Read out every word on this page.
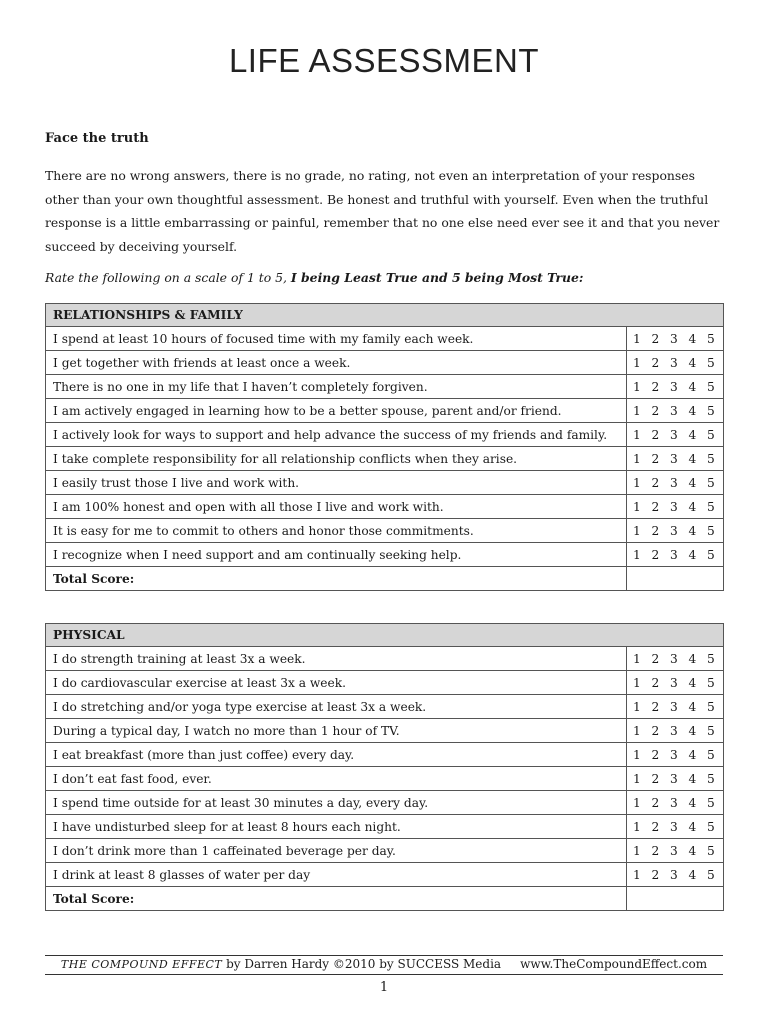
LIFE ASSESSMENT
Face the truth

There are no wrong answers, there is no grade, no rating, not even an interpretation of your responses other than your own thoughtful assessment. Be honest and truthful with yourself. Even when the truthful response is a little embarrassing or painful, remember that no one else need ever see it and that you never succeed by deceiving yourself.

Rate the following on a scale of 1 to 5, I being Least True and 5 being Most True:
RELATIONSHIPS & FAMILY	
I spend at least 10 hours of focused time with my family each week.	1 2 3 4 5
I get together with friends at least once a week.	1 2 3 4 5
There is no one in my life that I haven’t completely forgiven.	1 2 3 4 5
I am actively engaged in learning how to be a better spouse, parent and/or friend.	1 2 3 4 5
I actively look for ways to support and help advance the success of my friends and family.	1 2 3 4 5
I take complete responsibility for all relationship conflicts when they arise.	1 2 3 4 5
I easily trust those I live and work with.	1 2 3 4 5
I am 100% honest and open with all those I live and work with.	1 2 3 4 5
It is easy for me to commit to others and honor those commitments.	1 2 3 4 5
I recognize when I need support and am continually seeking help.	1 2 3 4 5
Total Score:	
PHYSICAL	
I do strength training at least 3x a week.	1 2 3 4 5
I do cardiovascular exercise at least 3x a week.	1 2 3 4 5
I do stretching and/or yoga type exercise at least 3x a week.	1 2 3 4 5
During a typical day, I watch no more than 1 hour of TV.	1 2 3 4 5
I eat breakfast (more than just coffee) every day.	1 2 3 4 5
I don’t eat fast food, ever.	1 2 3 4 5
I spend time outside for at least 30 minutes a day, every day.	1 2 3 4 5
I have undisturbed sleep for at least 8 hours each night.	1 2 3 4 5
I don’t drink more than 1 caffeinated beverage per day.	1 2 3 4 5
I drink at least 8 glasses of water per day	1 2 3 4 5
Total Score:	
THE COMPOUND EFFECT by Darren Hardy ©2010 by SUCCESS Media www.TheCompoundEffect.com
1
